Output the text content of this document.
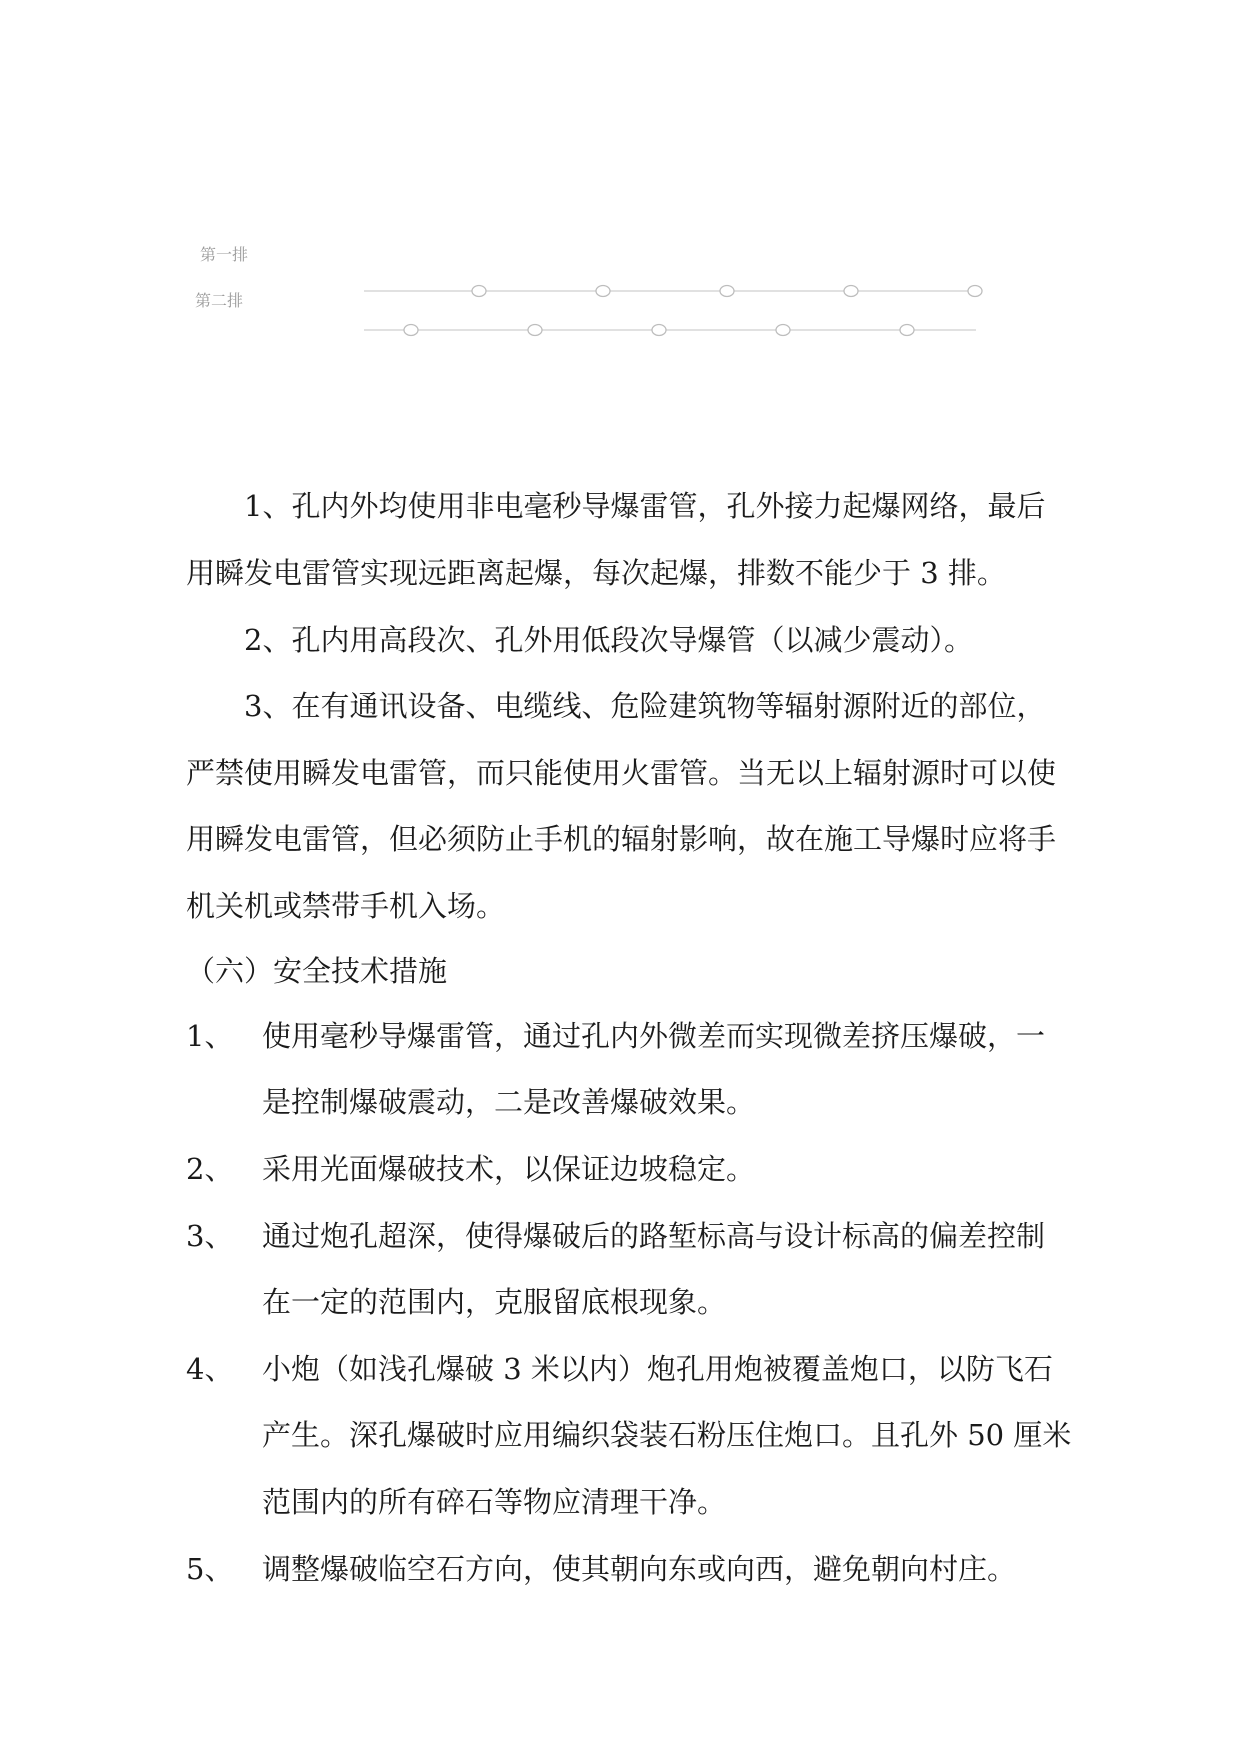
第一排
第二排
1、孔内外均使用非电毫秒导爆雷管，孔外接力起爆网络，最后
用瞬发电雷管实现远距离起爆，每次起爆，排数不能少于 3 排。
2、孔内用高段次、孔外用低段次导爆管（以减少震动）。
3、在有通讯设备、电缆线、危险建筑物等辐射源附近的部位，
严禁使用瞬发电雷管，而只能使用火雷管。当无以上辐射源时可以使
用瞬发电雷管，但必须防止手机的辐射影响，故在施工导爆时应将手
机关机或禁带手机入场。
（六）安全技术措施
1、 使用毫秒导爆雷管，通过孔内外微差而实现微差挤压爆破，一
是控制爆破震动，二是改善爆破效果。
2、 采用光面爆破技术，以保证边坡稳定。
3、 通过炮孔超深，使得爆破后的路堑标高与设计标高的偏差控制
在一定的范围内，克服留底根现象。
4、 小炮（如浅孔爆破 3 米以内）炮孔用炮被覆盖炮口，以防飞石
产生。深孔爆破时应用编织袋装石粉压住炮口。且孔外 50 厘米
范围内的所有碎石等物应清理干净。
5、 调整爆破临空石方向，使其朝向东或向西，避免朝向村庄。
